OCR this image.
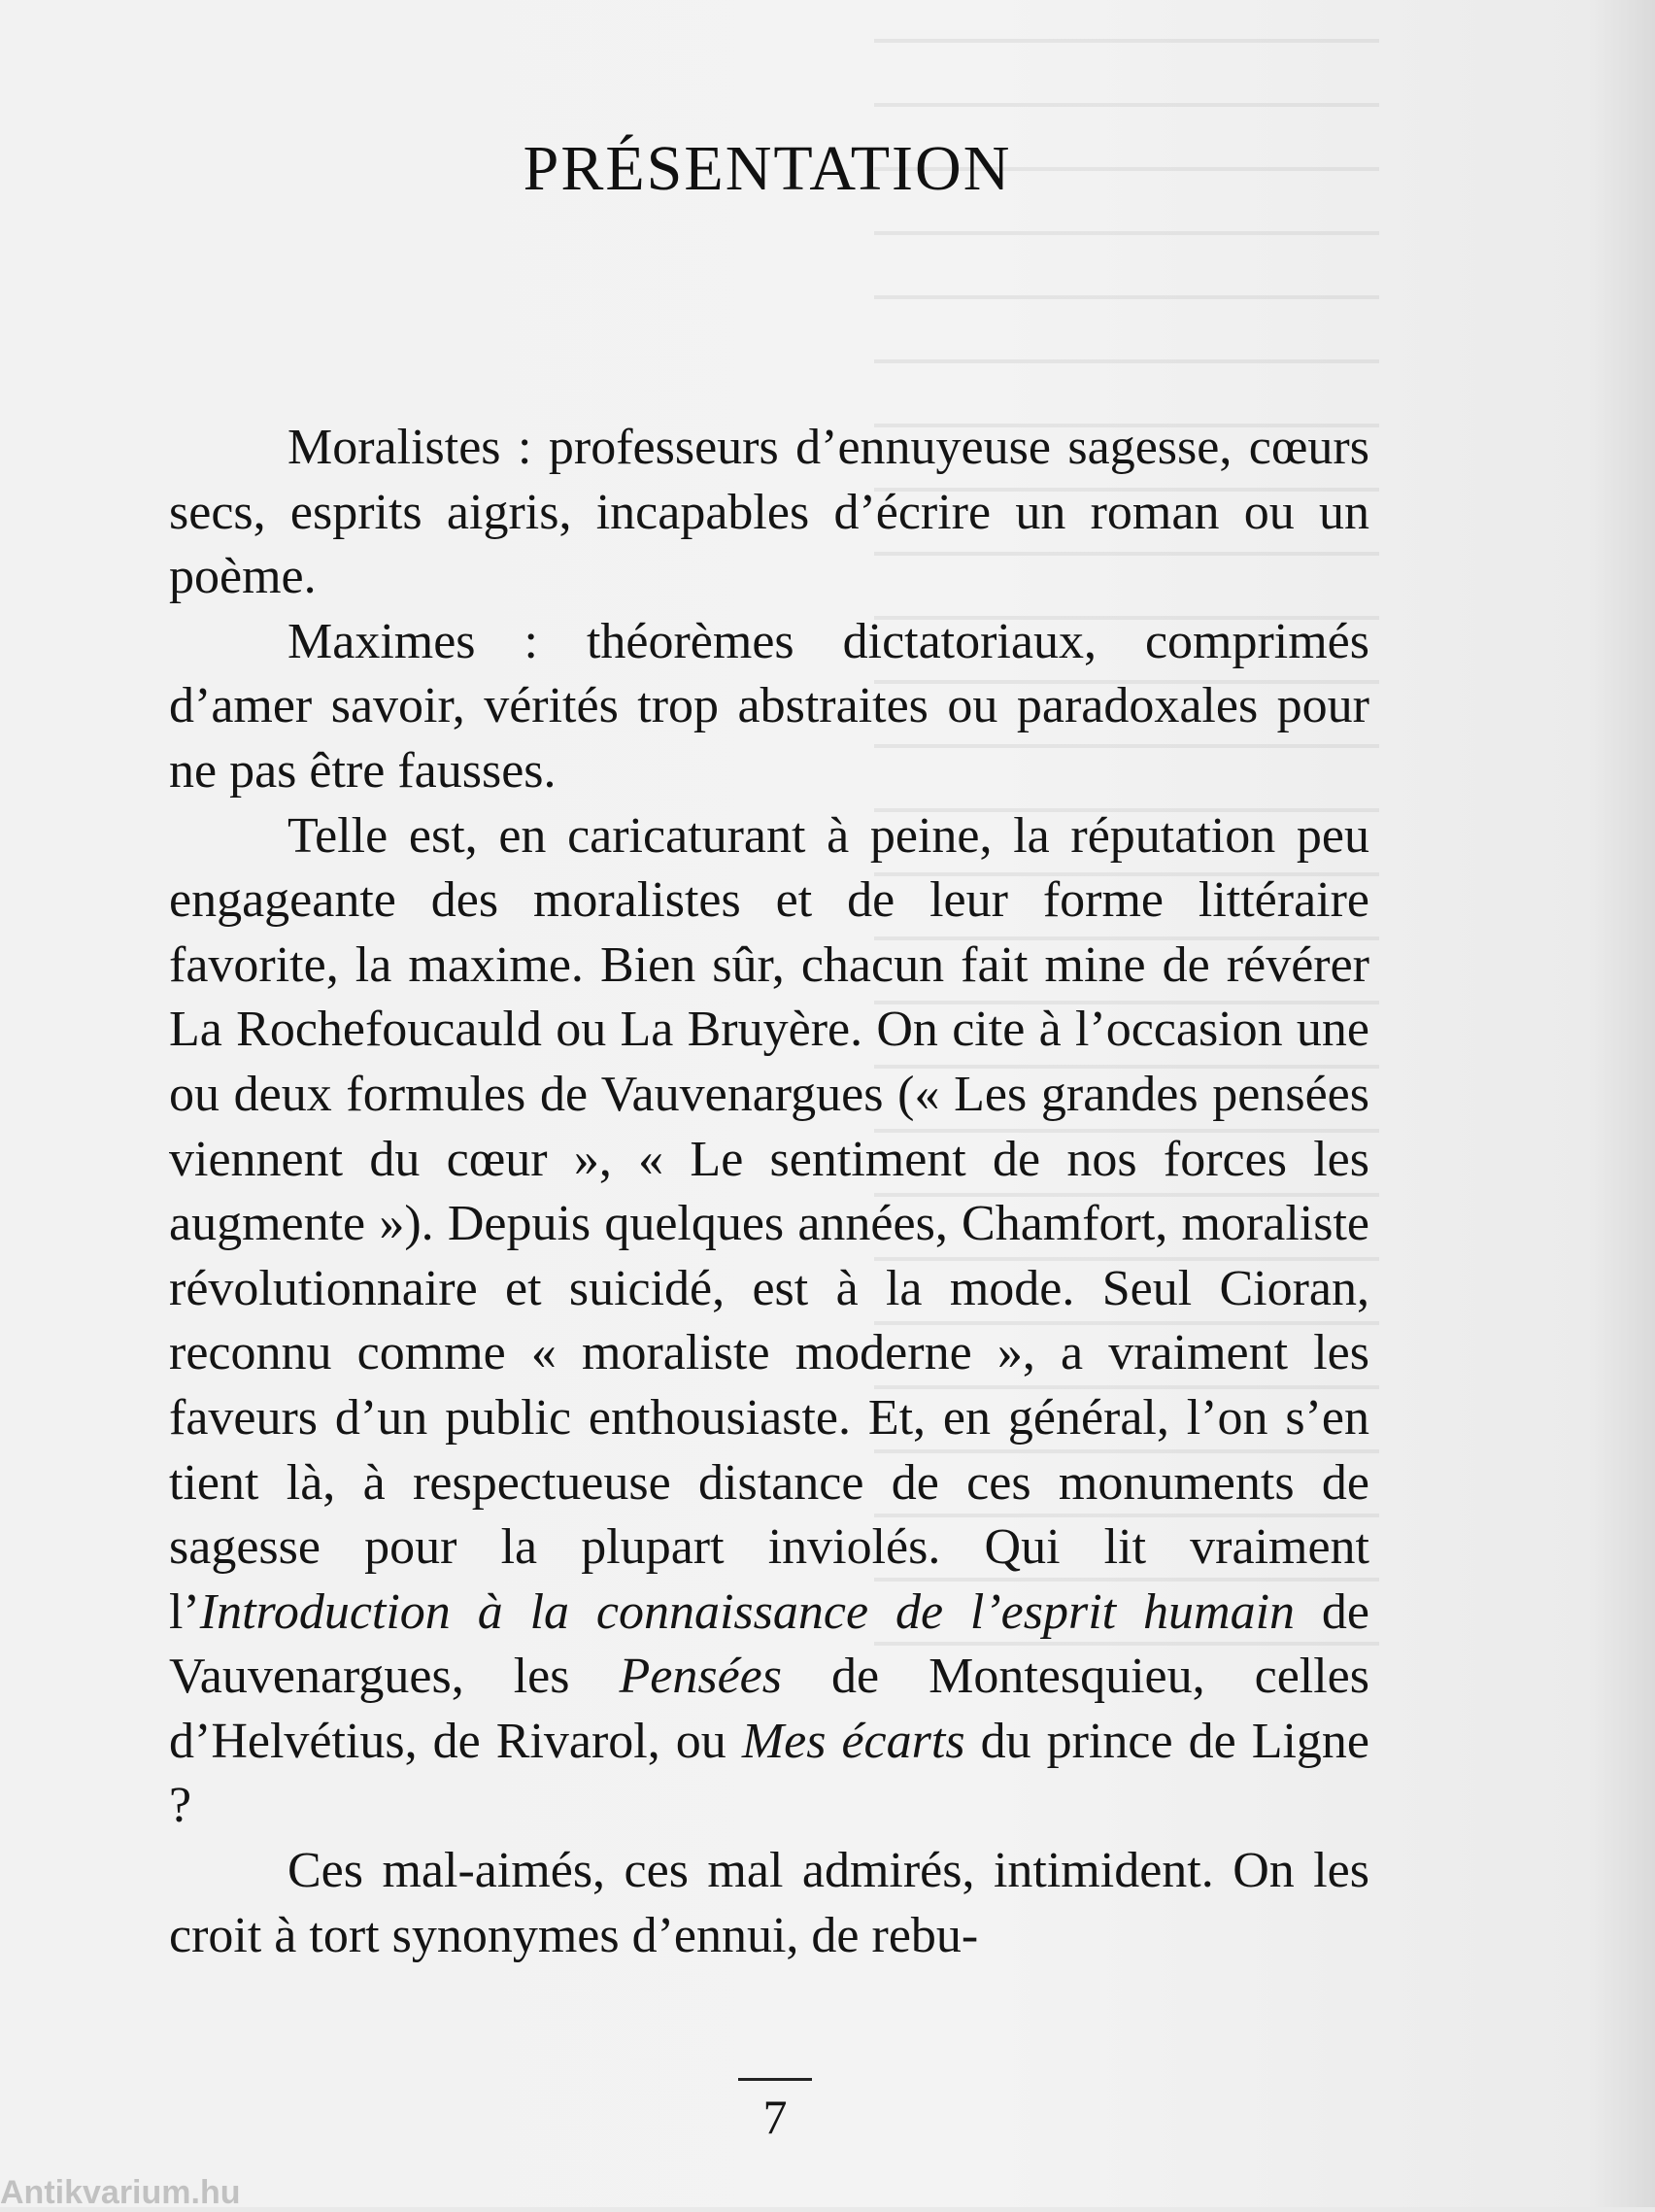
PRÉSENTATION

Moralistes : professeurs d’ennuyeuse sagesse, cœurs secs, esprits aigris, incapables d’écrire un roman ou un poème.

Maximes : théorèmes dictatoriaux, comprimés d’amer savoir, vérités trop abstraites ou paradoxales pour ne pas être fausses.

Telle est, en caricaturant à peine, la réputation peu engageante des moralistes et de leur forme littéraire favorite, la maxime. Bien sûr, chacun fait mine de révérer La Rochefoucauld ou La Bruyère. On cite à l’occasion une ou deux formules de Vauvenargues (« Les grandes pensées viennent du cœur », « Le sentiment de nos forces les augmente »). Depuis quelques années, Chamfort, moraliste révolutionnaire et suicidé, est à la mode. Seul Cioran, reconnu comme « moraliste moderne », a vraiment les faveurs d’un public enthousiaste. Et, en général, l’on s’en tient là, à respectueuse distance de ces monuments de sagesse pour la plupart inviolés. Qui lit vraiment l’Introduction à la connaissance de l’esprit humain de Vauvenargues, les Pensées de Montesquieu, celles d’Helvétius, de Rivarol, ou Mes écarts du prince de Ligne ?

Ces mal-aimés, ces mal admirés, intimident. On les croit à tort synonymes d’ennui, de rebu-

7
Antikvarium.hu
